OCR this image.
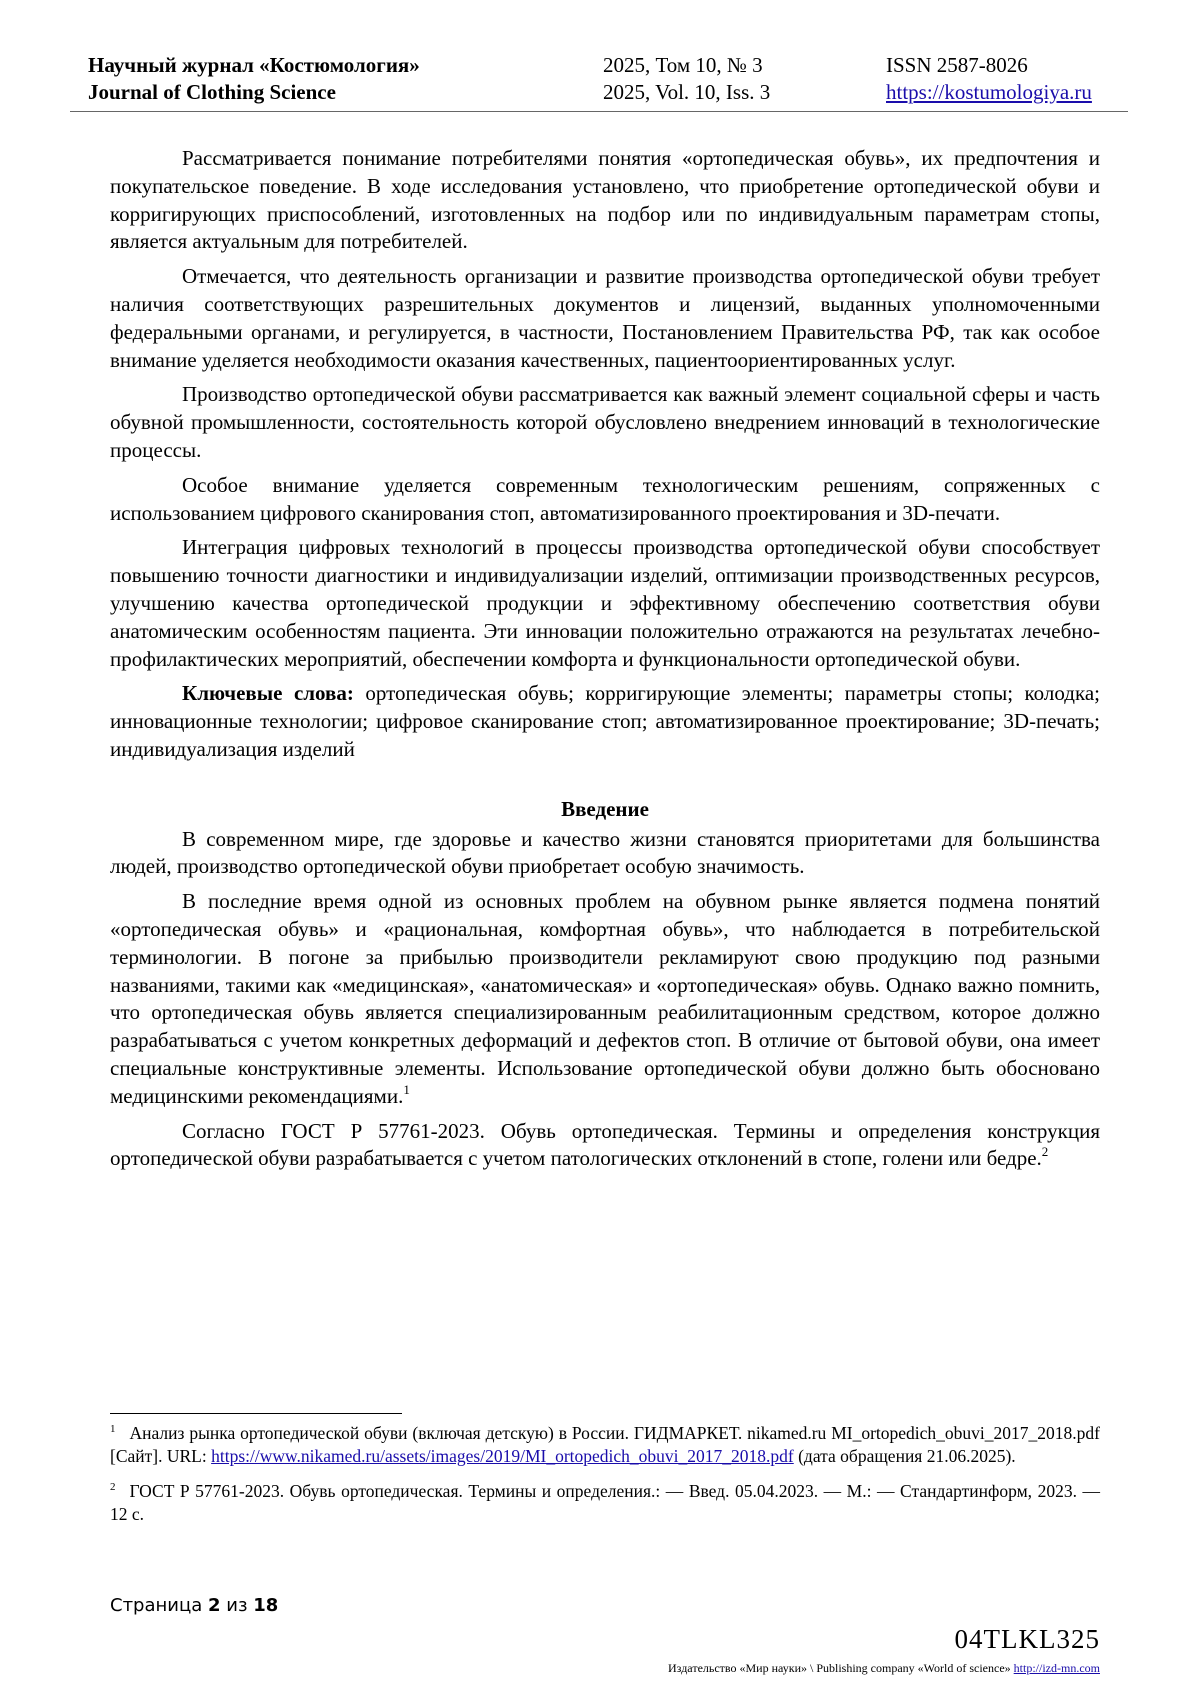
Научный журнал «Костюмология»
Journal of Clothing Science
2025, Том 10, № 3
2025, Vol. 10, Iss. 3
ISSN 2587-8026
https://kostumologiya.ru

Рассматривается понимание потребителями понятия «ортопедическая обувь», их предпочтения и покупательское поведение. В ходе исследования установлено, что приобретение ортопедической обуви и корригирующих приспособлений, изготовленных на подбор или по индивидуальным параметрам стопы, является актуальным для потребителей.

Отмечается, что деятельность организации и развитие производства ортопедической обуви требует наличия соответствующих разрешительных документов и лицензий, выданных уполномоченными федеральными органами, и регулируется, в частности, Постановлением Правительства РФ, так как особое внимание уделяется необходимости оказания качественных, пациентоориентированных услуг.

Производство ортопедической обуви рассматривается как важный элемент социальной сферы и часть обувной промышленности, состоятельность которой обусловлено внедрением инноваций в технологические процессы.

Особое внимание уделяется современным технологическим решениям, сопряженных с использованием цифрового сканирования стоп, автоматизированного проектирования и 3D-печати.

Интеграция цифровых технологий в процессы производства ортопедической обуви способствует повышению точности диагностики и индивидуализации изделий, оптимизации производственных ресурсов, улучшению качества ортопедической продукции и эффективному обеспечению соответствия обуви анатомическим особенностям пациента. Эти инновации положительно отражаются на результатах лечебно-профилактических мероприятий, обеспечении комфорта и функциональности ортопедической обуви.

Ключевые слова: ортопедическая обувь; корригирующие элементы; параметры стопы; колодка; инновационные технологии; цифровое сканирование стоп; автоматизированное проектирование; 3D-печать; индивидуализация изделий

Введение

В современном мире, где здоровье и качество жизни становятся приоритетами для большинства людей, производство ортопедической обуви приобретает особую значимость.

В последние время одной из основных проблем на обувном рынке является подмена понятий «ортопедическая обувь» и «рациональная, комфортная обувь», что наблюдается в потребительской терминологии. В погоне за прибылью производители рекламируют свою продукцию под разными названиями, такими как «медицинская», «анатомическая» и «ортопедическая» обувь. Однако важно помнить, что ортопедическая обувь является специализированным реабилитационным средством, которое должно разрабатываться с учетом конкретных деформаций и дефектов стоп. В отличие от бытовой обуви, она имеет специальные конструктивные элементы. Использование ортопедической обуви должно быть обосновано медицинскими рекомендациями.$^1$

Согласно ГОСТ Р 57761-2023. Обувь ортопедическая. Термины и определения конструкция ортопедической обуви разрабатывается с учетом патологических отклонений в стопе, голени или бедре.$^2$

$^1$ Анализ рынка ортопедической обуви (включая детскую) в России. ГИДМАРКЕТ. nikamed.ru MI_ortopedich_obuvi_2017_2018.pdf [Сайт]. URL: https://www.nikamed.ru/assets/images/2019/MI_ortopedich_obuvi_2017_2018.pdf (дата обращения 21.06.2025).

$^2$ ГОСТ Р 57761-2023. Обувь ортопедическая. Термины и определения.: — Введ. 05.04.2023. — М.: — Стандартинформ, 2023. — 12 с.

Страница 2 из 18
04TLKL325
Издательство «Мир науки» \ Publishing company «World of science» http://izd-mn.com
